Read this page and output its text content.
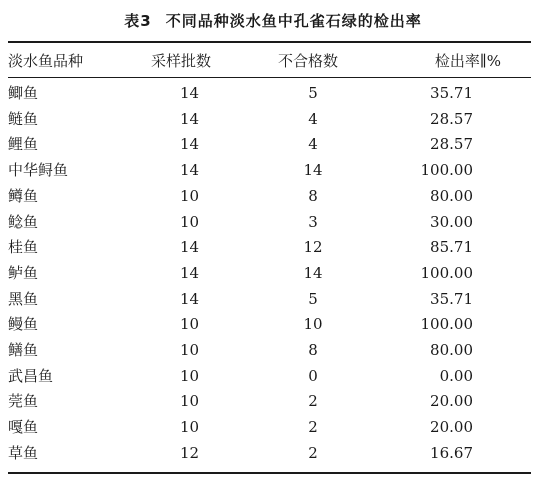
表3 不同品种淡水鱼中孔雀石绿的检出率
淡水鱼品种	采样批数	不合格数	检出率∥%
鲫鱼	14	5	35.71
鲢鱼	14	4	28.57
鲤鱼	14	4	28.57
中华鲟鱼	14	14	100.00
鳟鱼	10	8	80.00
鲶鱼	10	3	30.00
桂鱼	14	12	85.71
鲈鱼	14	14	100.00
黑鱼	14	5	35.71
鳗鱼	10	10	100.00
鳝鱼	10	8	80.00
武昌鱼	10	0	0.00
莞鱼	10	2	20.00
嘎鱼	10	2	20.00
草鱼	12	2	16.67
